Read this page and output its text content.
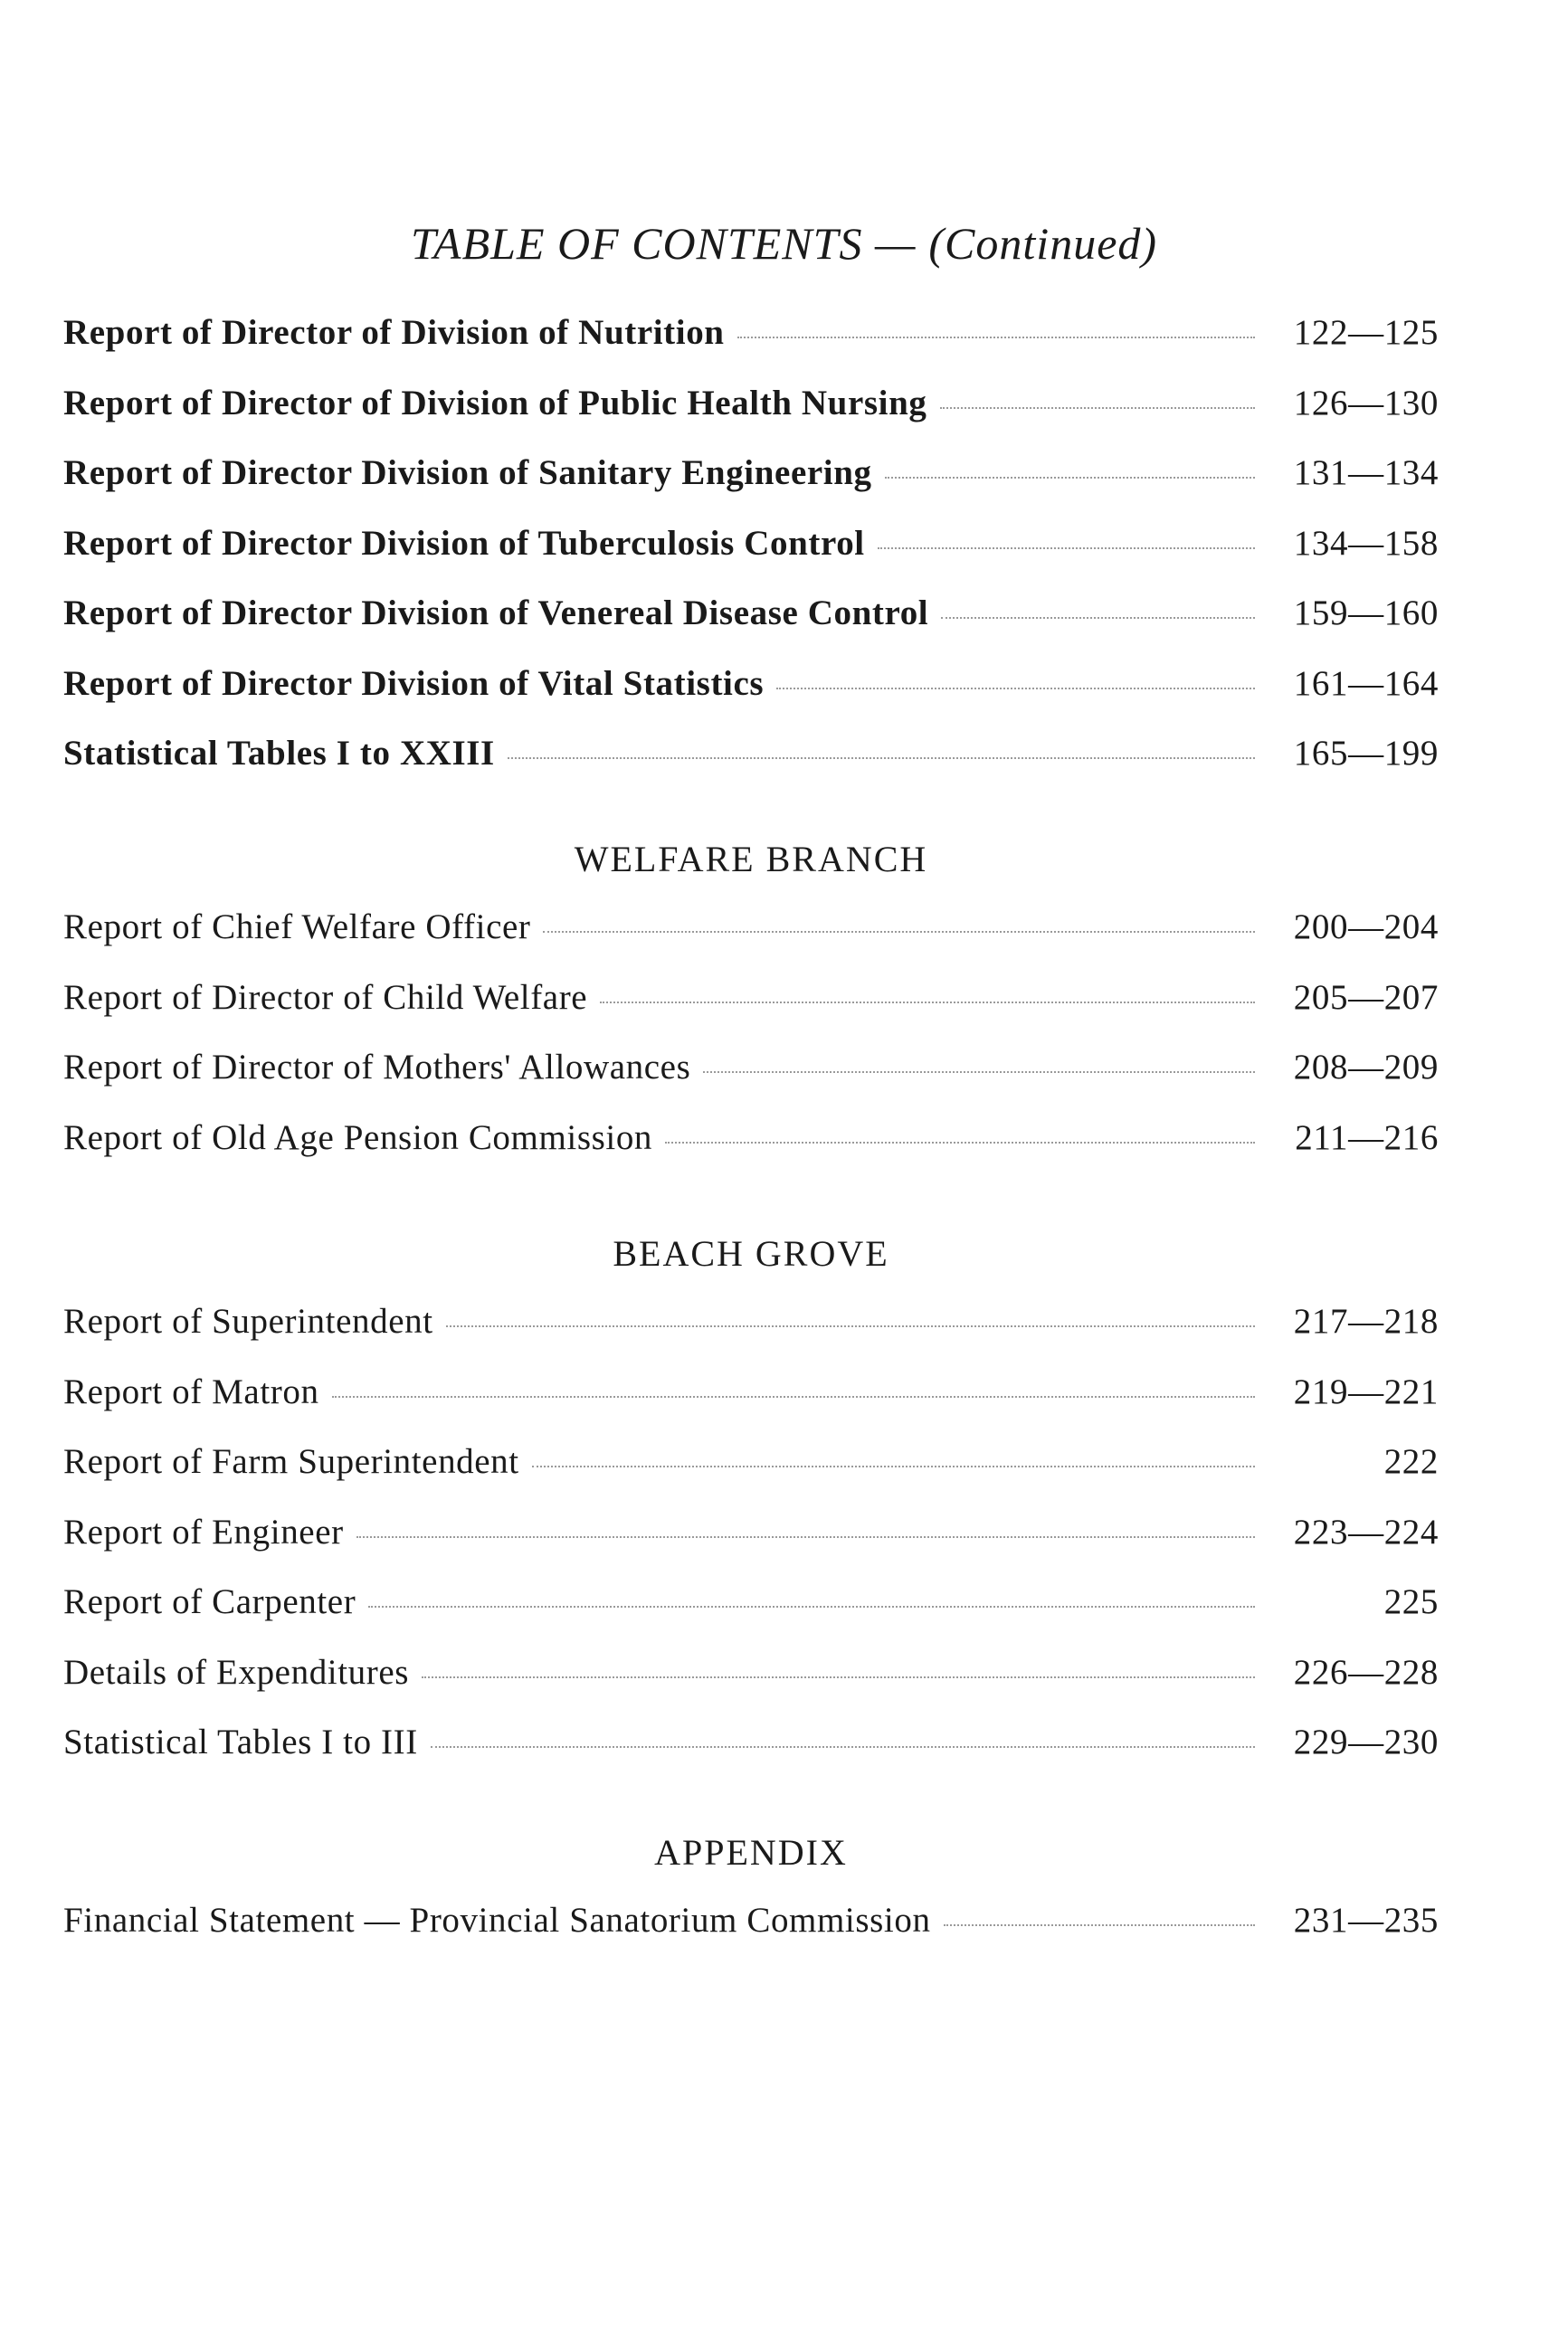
TABLE OF CONTENTS — (Continued)
Report of Director of Division of Nutrition	122—125
Report of Director of Division of Public Health Nursing	126—130
Report of Director Division of Sanitary Engineering	131—134
Report of Director Division of Tuberculosis Control	134—158
Report of Director Division of Venereal Disease Control	159—160
Report of Director Division of Vital Statistics	161—164
Statistical Tables I to XXIII	165—199
WELFARE BRANCH
Report of Chief Welfare Officer	200—204
Report of Director of Child Welfare	205—207
Report of Director of Mothers' Allowances	208—209
Report of Old Age Pension Commission	211—216
BEACH GROVE
Report of Superintendent	217—218
Report of Matron	219—221
Report of Farm Superintendent	222
Report of Engineer	223—224
Report of Carpenter	225
Details of Expenditures	226—228
Statistical Tables I to III	229—230
APPENDIX
Financial Statement — Provincial Sanatorium Commission	231—235
